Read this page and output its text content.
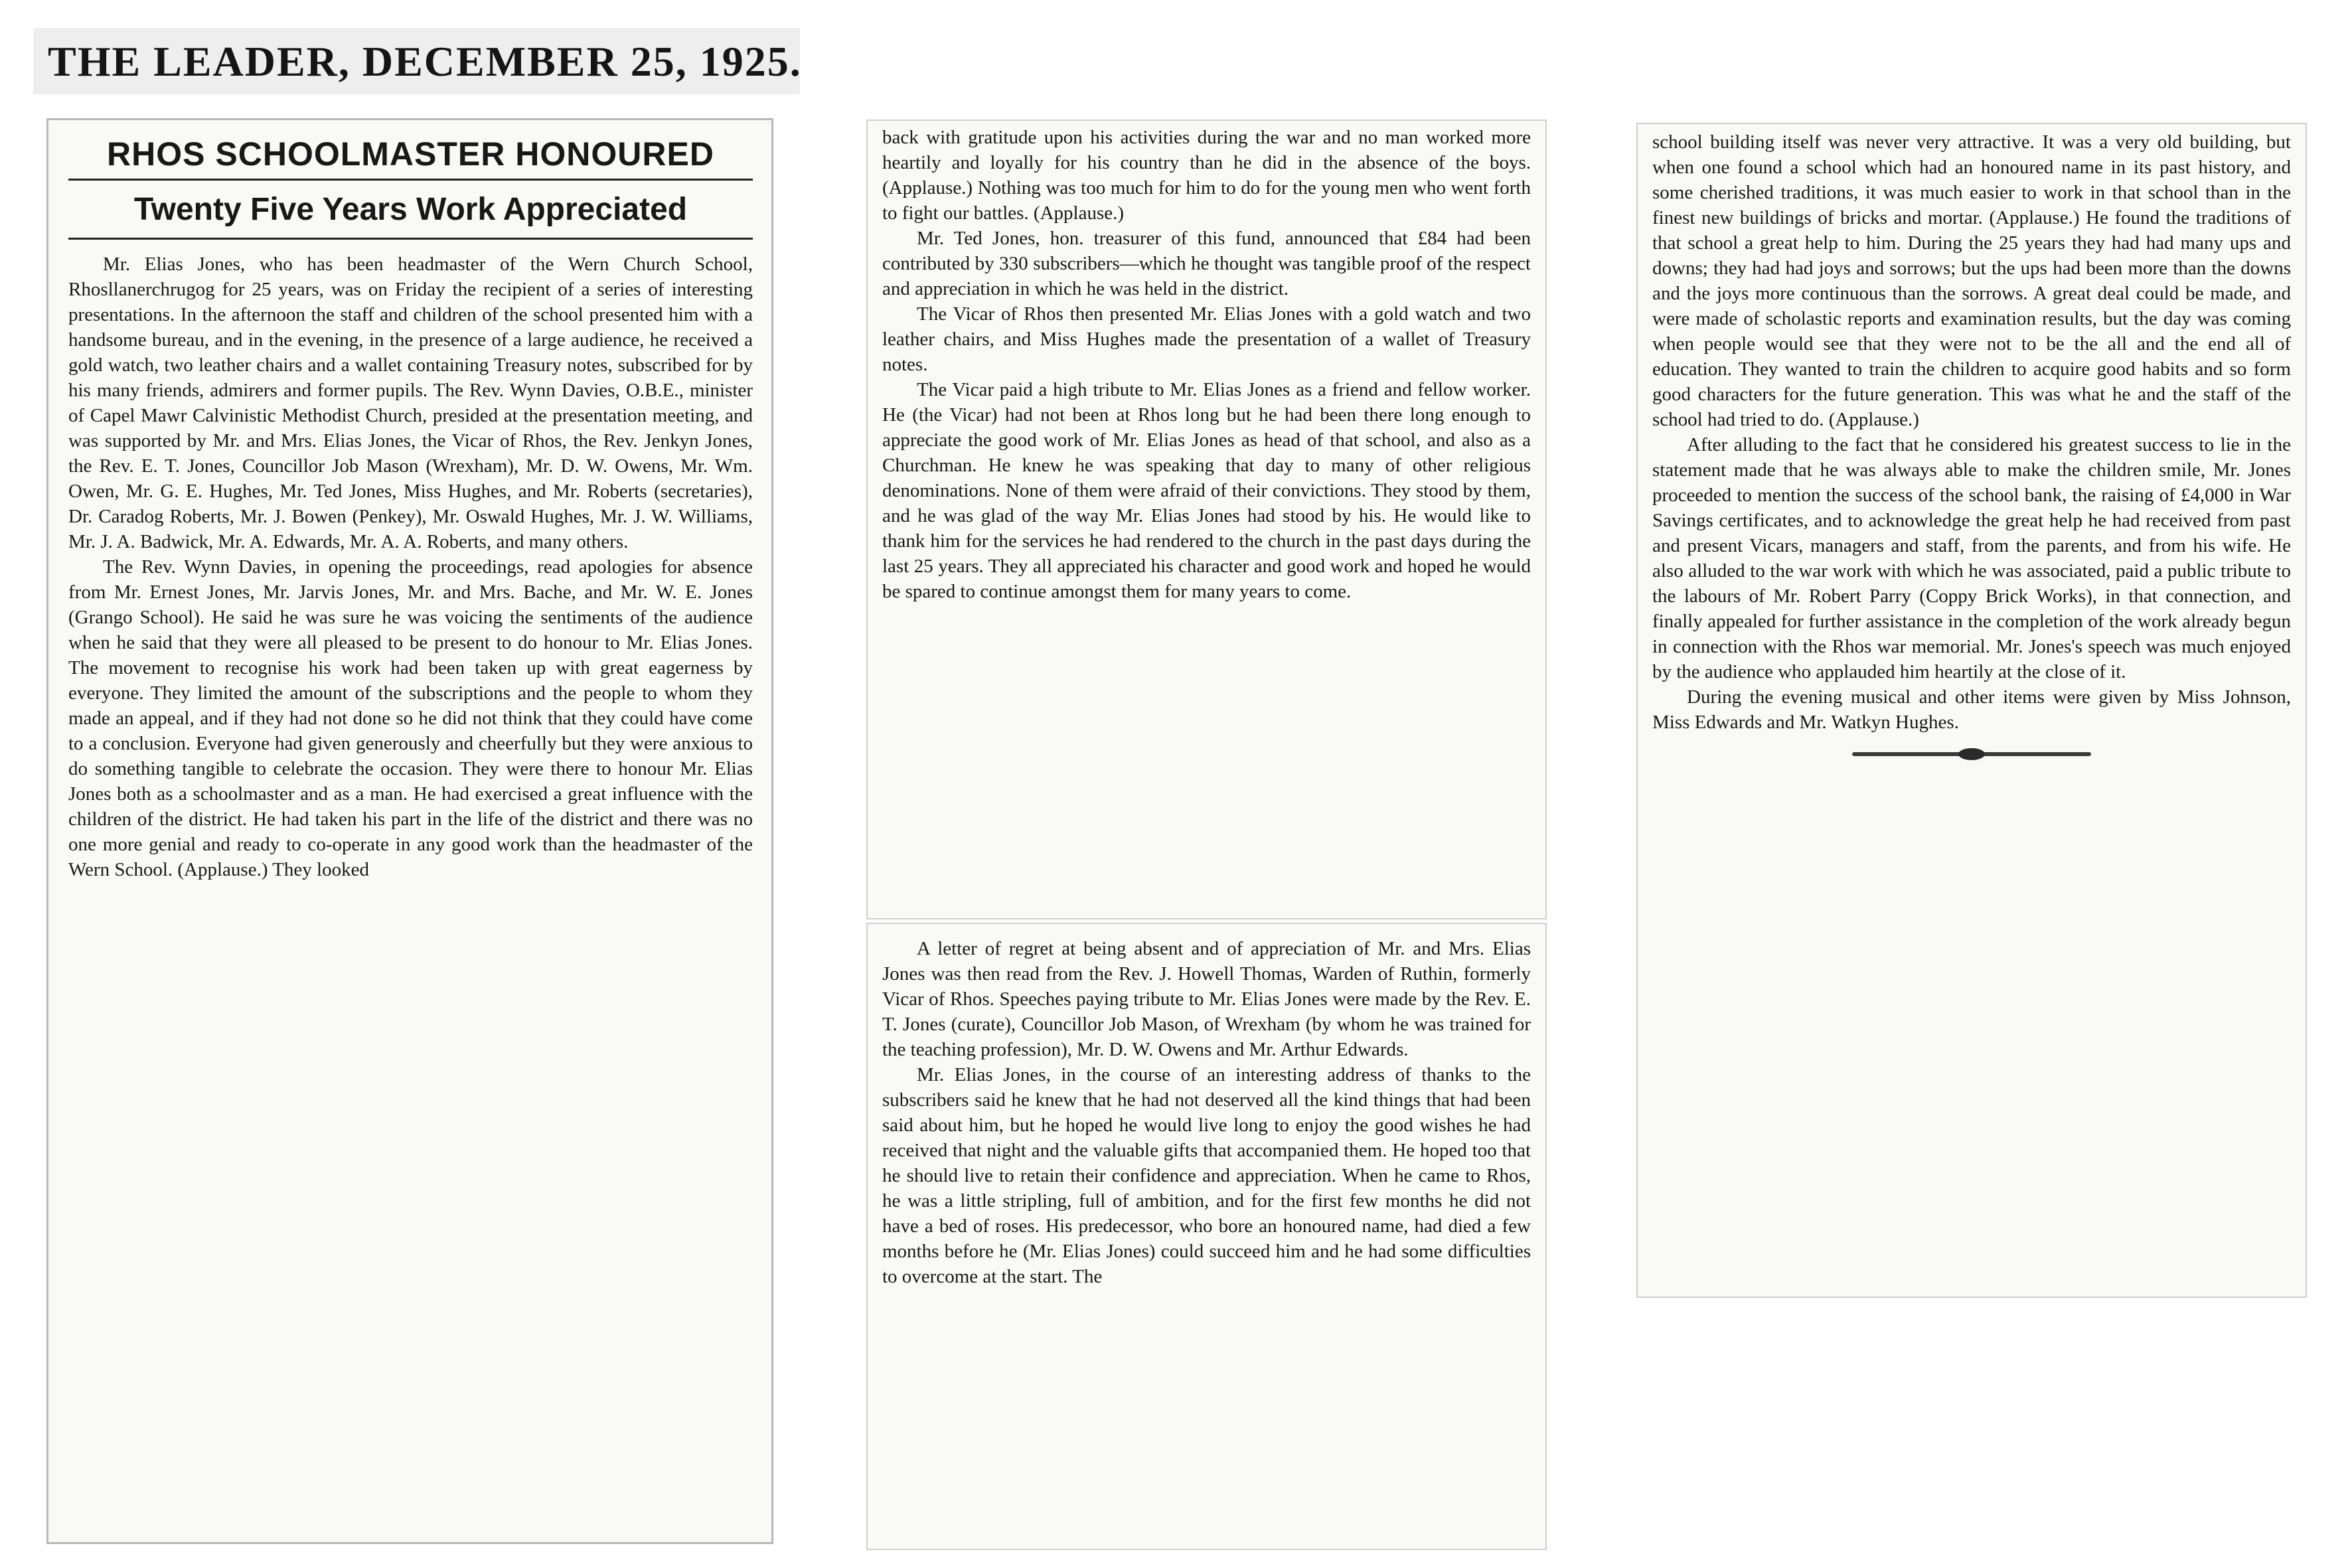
THE LEADER, DECEMBER 25, 1925.
RHOS SCHOOLMASTER HONOURED
Twenty Five Years Work Appreciated

Mr. Elias Jones, who has been headmaster of the Wern Church School, Rhosllanerchrugog for 25 years, was on Friday the recipient of a series of interesting presentations. In the afternoon the staff and children of the school presented him with a handsome bureau, and in the evening, in the presence of a large audience, he received a gold watch, two leather chairs and a wallet containing Treasury notes, subscribed for by his many friends, admirers and former pupils. The Rev. Wynn Davies, O.B.E., minister of Capel Mawr Calvinistic Methodist Church, presided at the presentation meeting, and was supported by Mr. and Mrs. Elias Jones, the Vicar of Rhos, the Rev. Jenkyn Jones, the Rev. E. T. Jones, Councillor Job Mason (Wrexham), Mr. D. W. Owens, Mr. Wm. Owen, Mr. G. E. Hughes, Mr. Ted Jones, Miss Hughes, and Mr. Roberts (secretaries), Dr. Caradog Roberts, Mr. J. Bowen (Penkey), Mr. Oswald Hughes, Mr. J. W. Williams, Mr. J. A. Badwick, Mr. A. Edwards, Mr. A. A. Roberts, and many others.

The Rev. Wynn Davies, in opening the proceedings, read apologies for absence from Mr. Ernest Jones, Mr. Jarvis Jones, Mr. and Mrs. Bache, and Mr. W. E. Jones (Grango School). He said he was sure he was voicing the sentiments of the audience when he said that they were all pleased to be present to do honour to Mr. Elias Jones. The movement to recognise his work had been taken up with great eagerness by everyone. They limited the amount of the subscriptions and the people to whom they made an appeal, and if they had not done so he did not think that they could have come to a conclusion. Everyone had given generously and cheerfully but they were anxious to do something tangible to celebrate the occasion. They were there to honour Mr. Elias Jones both as a schoolmaster and as a man. He had exercised a great influence with the children of the district. He had taken his part in the life of the district and there was no one more genial and ready to co-operate in any good work than the headmaster of the Wern School. (Applause.) They looked

back with gratitude upon his activities during the war and no man worked more heartily and loyally for his country than he did in the absence of the boys. (Applause.) Nothing was too much for him to do for the young men who went forth to fight our battles. (Applause.)

Mr. Ted Jones, hon. treasurer of this fund, announced that £84 had been contributed by 330 subscribers—which he thought was tangible proof of the respect and appreciation in which he was held in the district.

The Vicar of Rhos then presented Mr. Elias Jones with a gold watch and two leather chairs, and Miss Hughes made the presentation of a wallet of Treasury notes.

The Vicar paid a high tribute to Mr. Elias Jones as a friend and fellow worker. He (the Vicar) had not been at Rhos long but he had been there long enough to appreciate the good work of Mr. Elias Jones as head of that school, and also as a Churchman. He knew he was speaking that day to many of other religious denominations. None of them were afraid of their convictions. They stood by them, and he was glad of the way Mr. Elias Jones had stood by his. He would like to thank him for the services he had rendered to the church in the past days during the last 25 years. They all appreciated his character and good work and hoped he would be spared to continue amongst them for many years to come.

A letter of regret at being absent and of appreciation of Mr. and Mrs. Elias Jones was then read from the Rev. J. Howell Thomas, Warden of Ruthin, formerly Vicar of Rhos. Speeches paying tribute to Mr. Elias Jones were made by the Rev. E. T. Jones (curate), Councillor Job Mason, of Wrexham (by whom he was trained for the teaching profession), Mr. D. W. Owens and Mr. Arthur Edwards.

Mr. Elias Jones, in the course of an interesting address of thanks to the subscribers said he knew that he had not deserved all the kind things that had been said about him, but he hoped he would live long to enjoy the good wishes he had received that night and the valuable gifts that accompanied them. He hoped too that he should live to retain their confidence and appreciation. When he came to Rhos, he was a little stripling, full of ambition, and for the first few months he did not have a bed of roses. His predecessor, who bore an honoured name, had died a few months before he (Mr. Elias Jones) could succeed him and he had some difficulties to overcome at the start. The

school building itself was never very attractive. It was a very old building, but when one found a school which had an honoured name in its past history, and some cherished traditions, it was much easier to work in that school than in the finest new buildings of bricks and mortar. (Applause.) He found the traditions of that school a great help to him. During the 25 years they had had many ups and downs; they had had joys and sorrows; but the ups had been more than the downs and the joys more continuous than the sorrows. A great deal could be made, and were made of scholastic reports and examination results, but the day was coming when people would see that they were not to be the all and the end all of education. They wanted to train the children to acquire good habits and so form good characters for the future generation. This was what he and the staff of the school had tried to do. (Applause.)

After alluding to the fact that he considered his greatest success to lie in the statement made that he was always able to make the children smile, Mr. Jones proceeded to mention the success of the school bank, the raising of £4,000 in War Savings certificates, and to acknowledge the great help he had received from past and present Vicars, managers and staff, from the parents, and from his wife. He also alluded to the war work with which he was associated, paid a public tribute to the labours of Mr. Robert Parry (Coppy Brick Works), in that connection, and finally appealed for further assistance in the completion of the work already begun in connection with the Rhos war memorial. Mr. Jones's speech was much enjoyed by the audience who applauded him heartily at the close of it.

During the evening musical and other items were given by Miss Johnson, Miss Edwards and Mr. Watkyn Hughes.
